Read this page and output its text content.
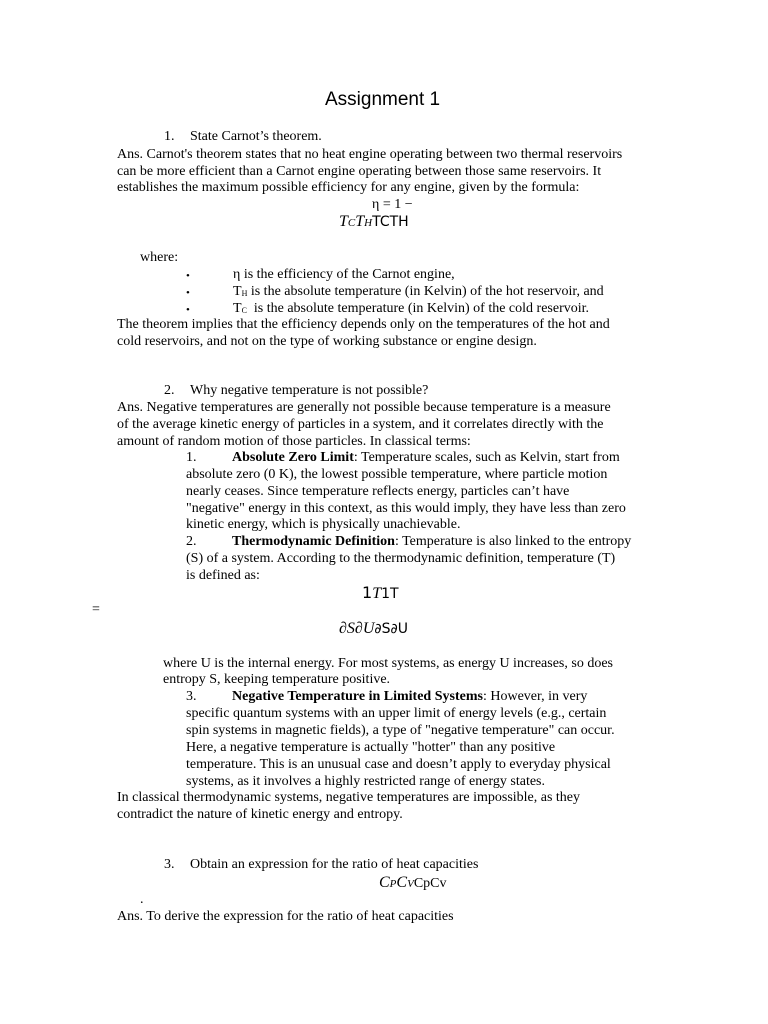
Assignment 1
1. State Carnot’s theorem.
Ans. Carnot's theorem states that no heat engine operating between two thermal reservoirs
can be more efficient than a Carnot engine operating between those same reservoirs. It
establishes the maximum possible efficiency for any engine, given by the formula:
η = 1 −
TCTHTCTH
where:
•	η is the efficiency of the Carnot engine,
•	$T_H$ is the absolute temperature (in Kelvin) of the hot reservoir, and
•	$T_C$  is the absolute temperature (in Kelvin) of the cold reservoir.
The theorem implies that the efficiency depends only on the temperatures of the hot and
cold reservoirs, and not on the type of working substance or engine design.
2. Why negative temperature is not possible?
Ans. Negative temperatures are generally not possible because temperature is a measure
of the average kinetic energy of particles in a system, and it correlates directly with the
amount of random motion of those particles. In classical terms:
1.	Absolute Zero Limit: Temperature scales, such as Kelvin, start from
absolute zero (0 K), the lowest possible temperature, where particle motion
nearly ceases. Since temperature reflects energy, particles can’t have
"negative" energy in this context, as this would imply, they have less than zero
kinetic energy, which is physically unachievable.
2.	Thermodynamic Definition: Temperature is also linked to the entropy
(S) of a system. According to the thermodynamic definition, temperature (T)
is defined as:
1T1T
=
∂S∂U∂S∂U
where U is the internal energy. For most systems, as energy U increases, so does
entropy S, keeping temperature positive.
3.	Negative Temperature in Limited Systems: However, in very
specific quantum systems with an upper limit of energy levels (e.g., certain
spin systems in magnetic fields), a type of "negative temperature" can occur.
Here, a negative temperature is actually "hotter" than any positive
temperature. This is an unusual case and doesn’t apply to everyday physical
systems, as it involves a highly restricted range of energy states.
In classical thermodynamic systems, negative temperatures are impossible, as they
contradict the nature of kinetic energy and entropy.
3. Obtain an expression for the ratio of heat capacities
CPCVCpCv
.
Ans. To derive the expression for the ratio of heat capacities
